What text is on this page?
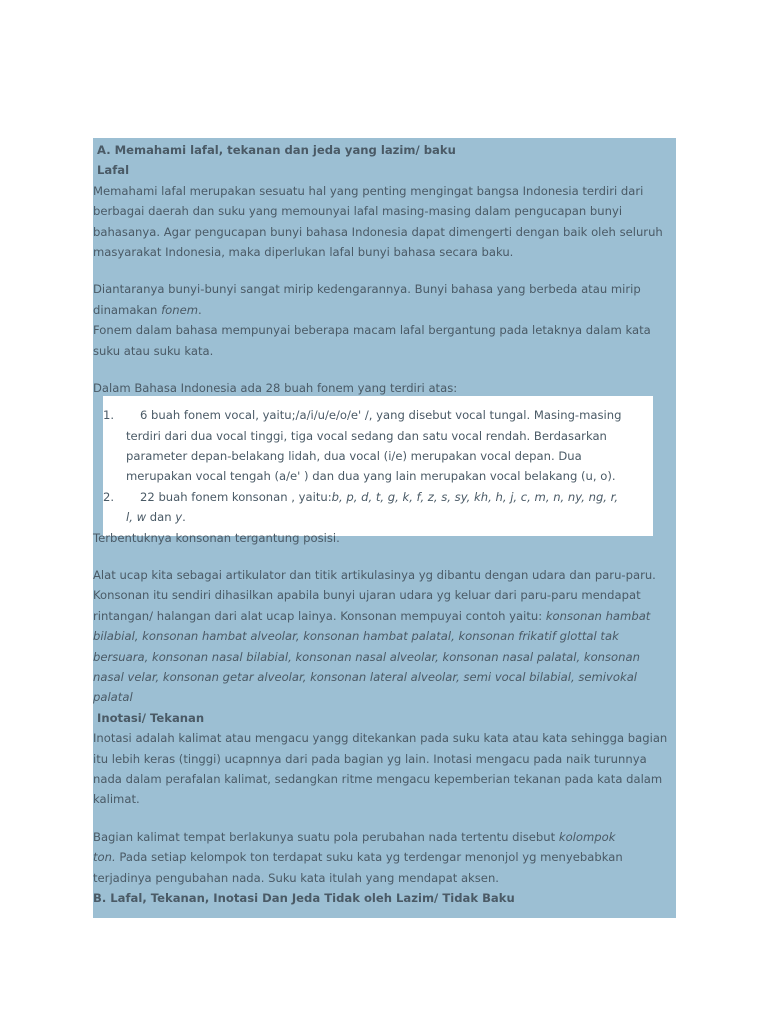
A. Memahami lafal, tekanan dan jeda yang lazim/ baku
Lafal
Memahami lafal merupakan sesuatu hal yang penting mengingat bangsa Indonesia terdiri dari
berbagai daerah dan suku yang memounyai lafal masing-masing dalam pengucapan bunyi
bahasanya. Agar pengucapan bunyi bahasa Indonesia dapat dimengerti dengan baik oleh seluruh
masyarakat Indonesia, maka diperlukan lafal bunyi bahasa secara baku.
Diantaranya bunyi-bunyi sangat mirip kedengarannya. Bunyi bahasa yang berbeda atau mirip
dinamakan fonem.
Fonem dalam bahasa mempunyai beberapa macam lafal bergantung pada letaknya dalam kata
suku atau suku kata.
Dalam Bahasa Indonesia ada 28 buah fonem yang terdiri atas:
1.	6 buah fonem vocal, yaitu;/a/i/u/e/o/e' /, yang disebut vocal tungal. Masing-masing
terdiri dari dua vocal tinggi, tiga vocal sedang dan satu vocal rendah. Berdasarkan
parameter depan-belakang lidah, dua vocal (i/e) merupakan vocal depan. Dua
merupakan vocal tengah (a/e' ) dan dua yang lain merupakan vocal belakang (u, o).
2.	22 buah fonem konsonan , yaitu:b, p, d, t, g, k, f, z, s, sy, kh, h, j, c, m, n, ny, ng, r,
l, w dan y.
Terbentuknya konsonan tergantung posisi.
Alat ucap kita sebagai artikulator dan titik artikulasinya yg dibantu dengan udara dan paru-paru.
Konsonan itu sendiri dihasilkan apabila bunyi ujaran udara yg keluar dari paru-paru mendapat
rintangan/ halangan dari alat ucap lainya. Konsonan mempuyai contoh yaitu: konsonan hambat
bilabial, konsonan hambat alveolar, konsonan hambat palatal, konsonan frikatif glottal tak
bersuara, konsonan nasal bilabial, konsonan nasal alveolar, konsonan nasal palatal, konsonan
nasal velar, konsonan getar alveolar, konsonan lateral alveolar, semi vocal bilabial, semivokal
palatal
Inotasi/ Tekanan
Inotasi adalah kalimat atau mengacu yangg ditekankan pada suku kata atau kata sehingga bagian
itu lebih keras (tinggi) ucapnnya dari pada bagian yg lain. Inotasi mengacu pada naik turunnya
nada dalam perafalan kalimat, sedangkan ritme mengacu kepemberian tekanan pada kata dalam
kalimat.
Bagian kalimat tempat berlakunya suatu pola perubahan nada tertentu disebut kolompok
ton. Pada setiap kelompok ton terdapat suku kata yg terdengar menonjol yg menyebabkan
terjadinya pengubahan nada. Suku kata itulah yang mendapat aksen.
B. Lafal, Tekanan, Inotasi Dan Jeda Tidak oleh Lazim/ Tidak Baku
